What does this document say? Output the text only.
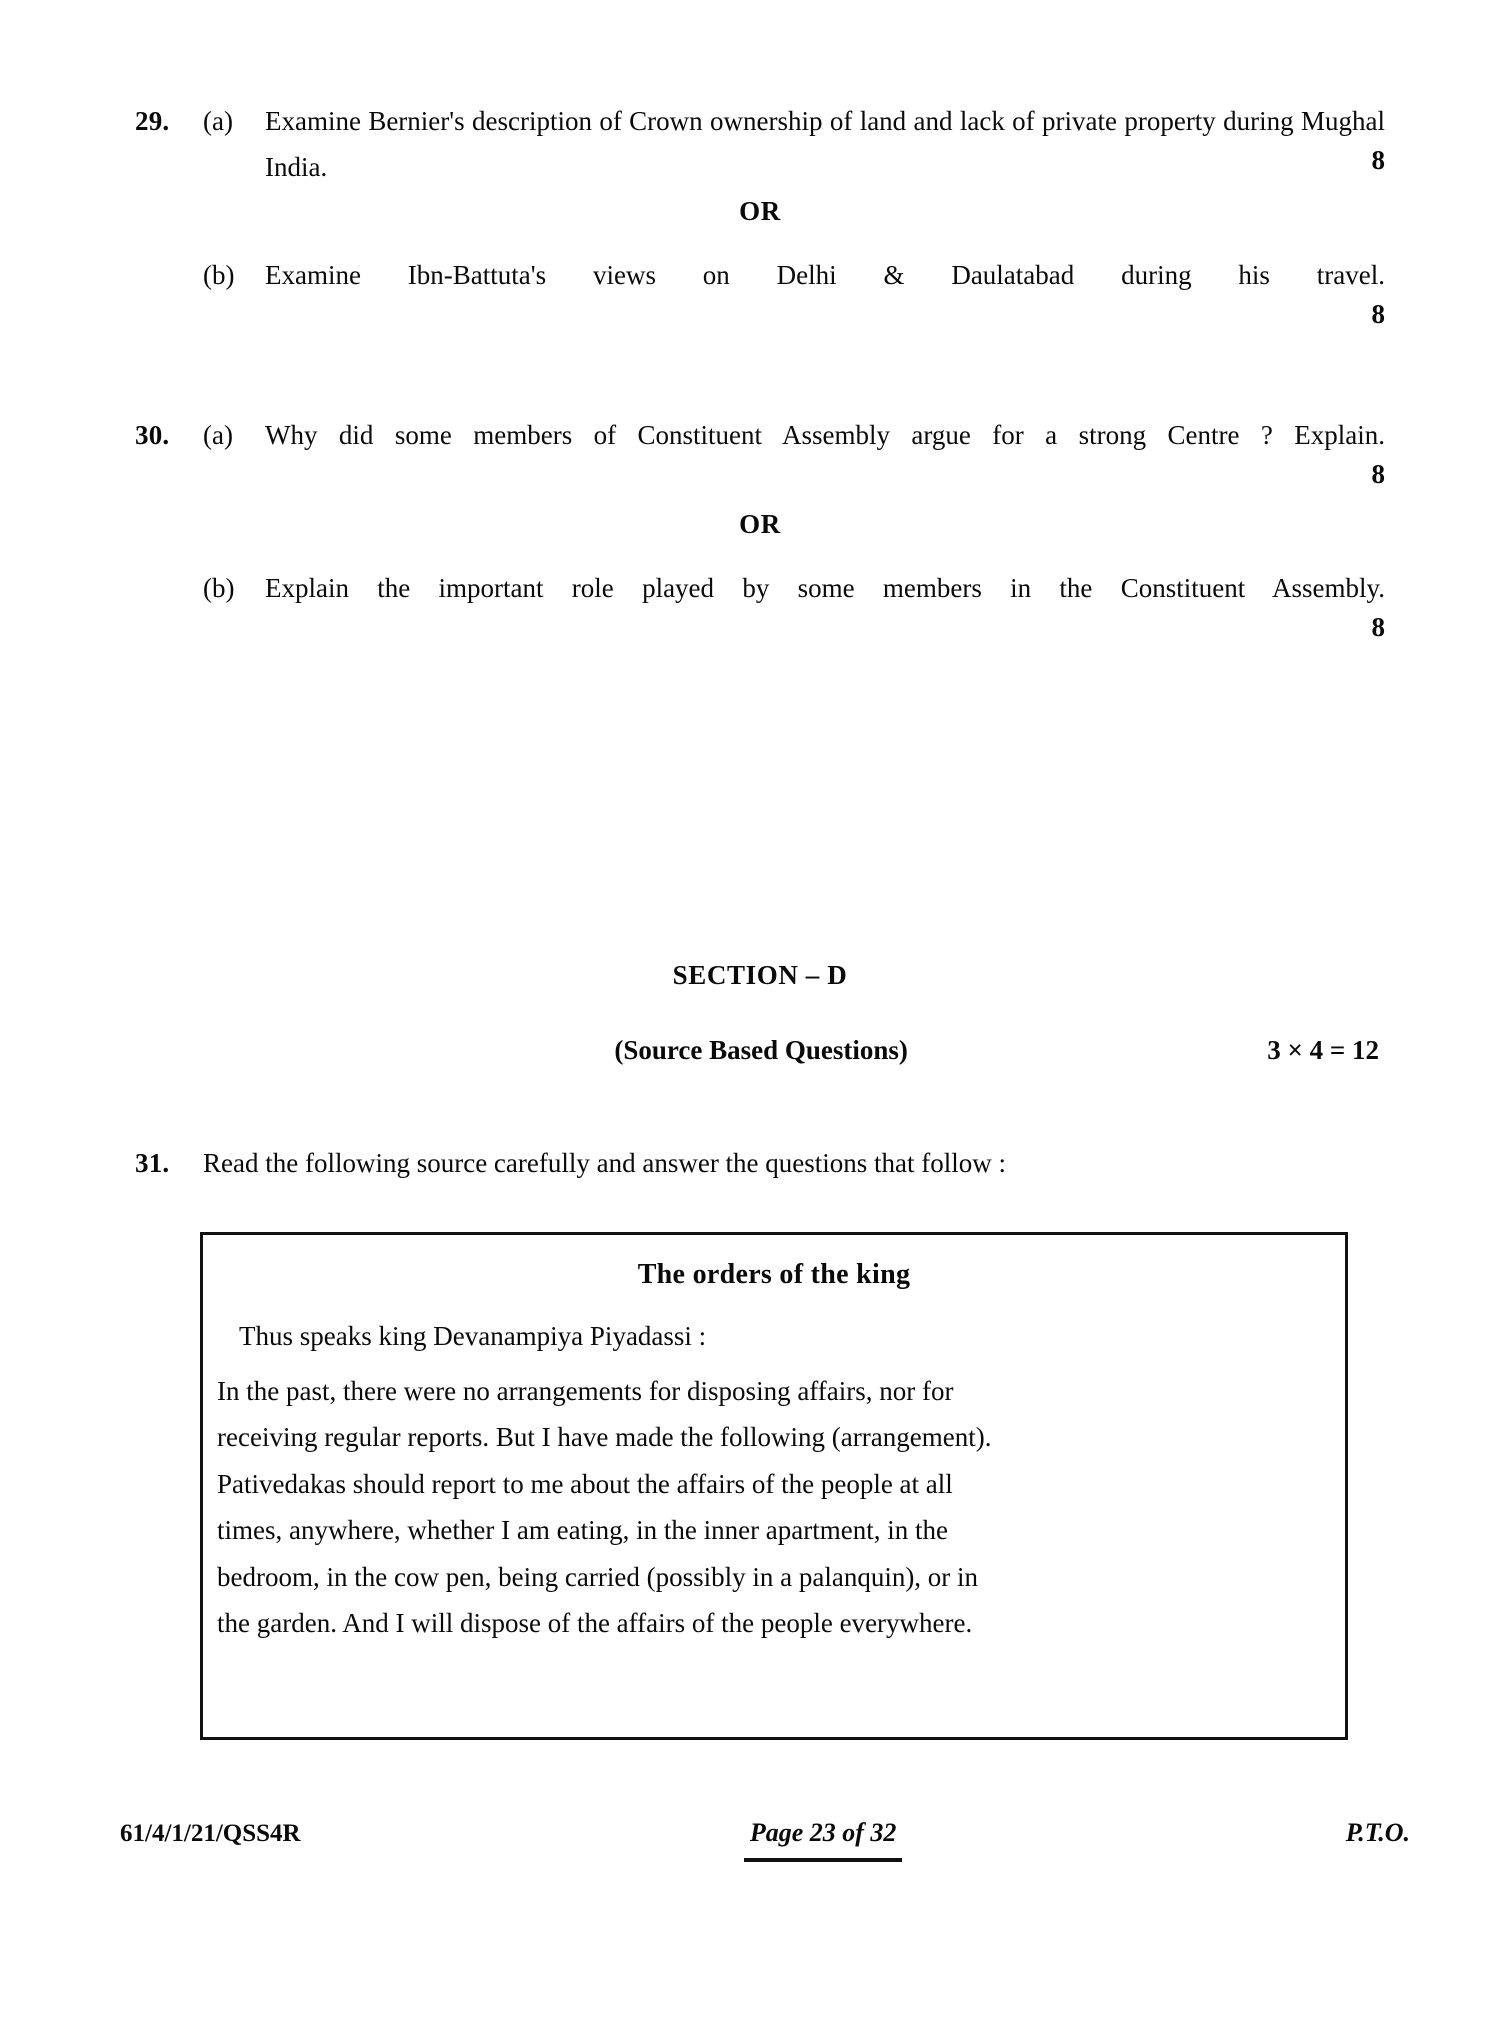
29.	(a)	Examine Bernier's description of Crown ownership of land and lack of private property during Mughal India.	8
OR
(b)	Examine Ibn-Battuta's views on Delhi & Daulatabad during his travel.

8
30.	(a)	Why did some members of Constituent Assembly argue for a strong Centre ? Explain.

8
OR
(b)	Explain the important role played by some members in the Constituent Assembly.

8
SECTION – D
(Source Based Questions)	3 × 4 = 12
31.	Read the following source carefully and answer the questions that follow :
The orders of the king
Thus speaks king Devanampiya Piyadassi :
In the past, there were no arrangements for disposing affairs, nor for
receiving regular reports. But I have made the following (arrangement).
Pativedakas should report to me about the affairs of the people at all
times, anywhere, whether I am eating, in the inner apartment, in the
bedroom, in the cow pen, being carried (possibly in a palanquin), or in
the garden. And I will dispose of the affairs of the people everywhere.
61/4/1/21/QSS4R	Page 23 of 32	P.T.O.
